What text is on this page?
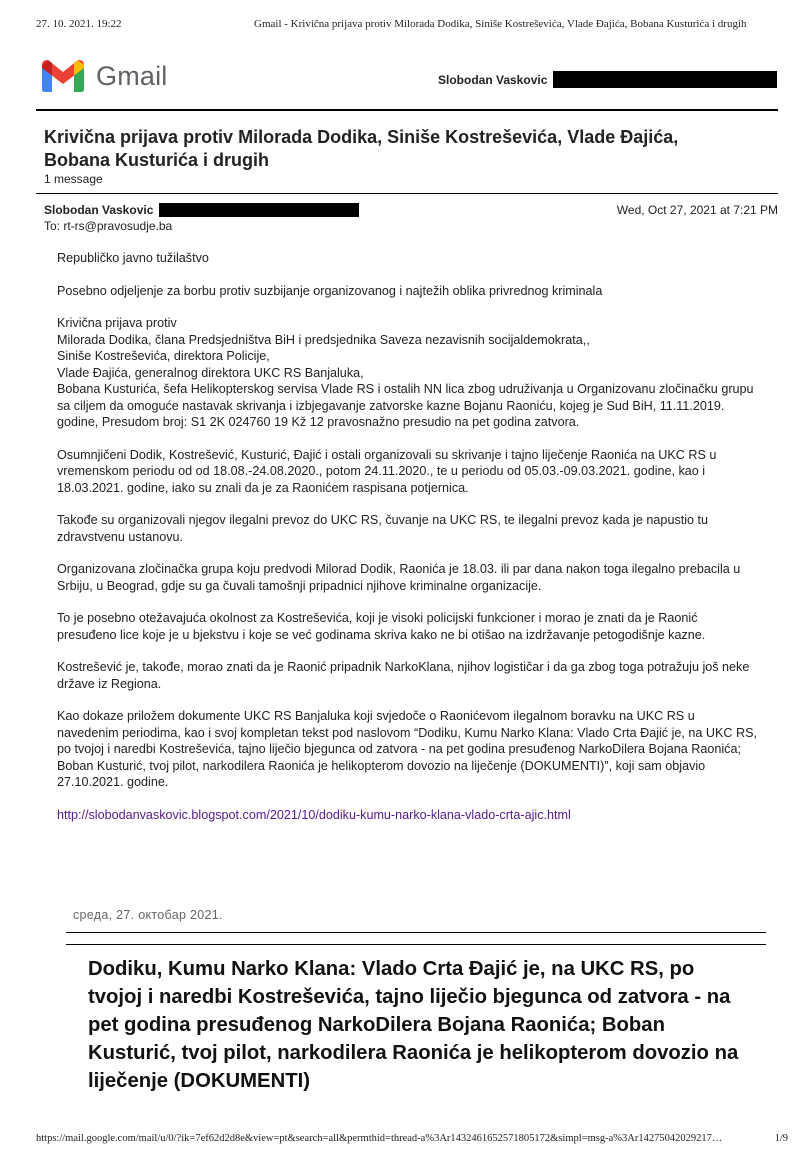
27. 10. 2021. 19:22	Gmail - Krivična prijava protiv Milorada Dodika, Siniše Kostreševića, Vlade Đajića, Bobana Kusturića i drugih
Gmail	Slobodan Vaskovic
Krivična prijava protiv Milorada Dodika, Siniše Kostreševića, Vlade Đajića,
Bobana Kusturića i drugih
1 message
Slobodan Vaskovic	Wed, Oct 27, 2021 at 7:21 PM
To: rt-rs@pravosudje.ba

Republičko javno tužilaštvo

Posebno odjeljenje za borbu protiv suzbijanje organizovanog i najtežih oblika privrednog kriminala

Krivična prijava protiv

Milorada Dodika, člana Predsjedništva BiH i predsjednika Saveza nezavisnih socijaldemokrata,,

Siniše Kostreševića, direktora Policije,

Vlade Đajića, generalnog direktora UKC RS Banjaluka,

Bobana Kusturića, šefa Helikopterskog servisa Vlade RS i ostalih NN lica zbog udruživanja u Organizovanu zločinačku grupu sa ciljem da omoguće nastavak skrivanja i izbjegavanje zatvorske kazne Bojanu Raoniću, kojeg je Sud BiH, 11.11.2019. godine, Presudom broj: S1 2K 024760 19 Kž 12 pravosnažno presudio na pet godina zatvora.

Osumnjičeni Dodik, Kostrešević, Kusturić, Đajić i ostali organizovali su skrivanje i tajno liječenje Raonića na UKC RS u vremenskom periodu od od 18.08.-24.08.2020., potom 24.11.2020., te u periodu od 05.03.-09.03.2021. godine, kao i 18.03.2021. godine, iako su znali da je za Raonićem raspisana potjernica.

Takođe su organizovali njegov ilegalni prevoz do UKC RS, čuvanje na UKC RS, te ilegalni prevoz kada je napustio tu zdravstvenu ustanovu.

Organizovana zločinačka grupa koju predvodi Milorad Dodik, Raonića je 18.03. ili par dana nakon toga ilegalno prebacila u Srbiju, u Beograd, gdje su ga čuvali tamošnji pripadnici njihove kriminalne organizacije.

To je posebno otežavajuća okolnost za Kostreševića, koji je visoki policijski funkcioner i morao je znati da je Raonić presuđeno lice koje je u bjekstvu i koje se već godinama skriva kako ne bi otišao na izdržavanje petogodišnje kazne.

Kostrešević je, takođe, morao znati da je Raonić pripadnik NarkoKlana, njihov logističar i da ga zbog toga potražuju još neke države iz Regiona.

Kao dokaze priložem dokumente UKC RS Banjaluka koji svjedoče o Raonićevom ilegalnom boravku na UKC RS u navedenim periodima, kao i svoj kompletan tekst pod naslovom “Dodiku, Kumu Narko Klana: Vlado Crta Đajić je, na UKC RS, po tvojoj i naredbi Kostreševića, tajno liječio bjegunca od zatvora - na pet godina presuđenog NarkoDilera Bojana Raonića; Boban Kusturić, tvoj pilot, narkodilera Raonića je helikopterom dovozio na liječenje (DOKUMENTI)”, koji sam objavio 27.10.2021. godine.

http://slobodanvaskovic.blogspot.com/2021/10/dodiku-kumu-narko-klana-vlado-crta-ajic.html

среда, 27. октобар 2021.
Dodiku, Kumu Narko Klana: Vlado Crta Đajić je, na UKC RS, po tvojoj i naredbi Kostreševića, tajno liječio bjegunca od zatvora - na pet godina presuđenog NarkoDilera Bojana Raonića; Boban Kusturić, tvoj pilot, narkodilera Raonića je helikopterom dovozio na liječenje (DOKUMENTI)
https://mail.google.com/mail/u/0/?ik=7ef62d2d8e&view=pt&search=all&permthid=thread-a%3Ar1432461652571805172&simpl=msg-a%3Ar14275042029217…	1/9
